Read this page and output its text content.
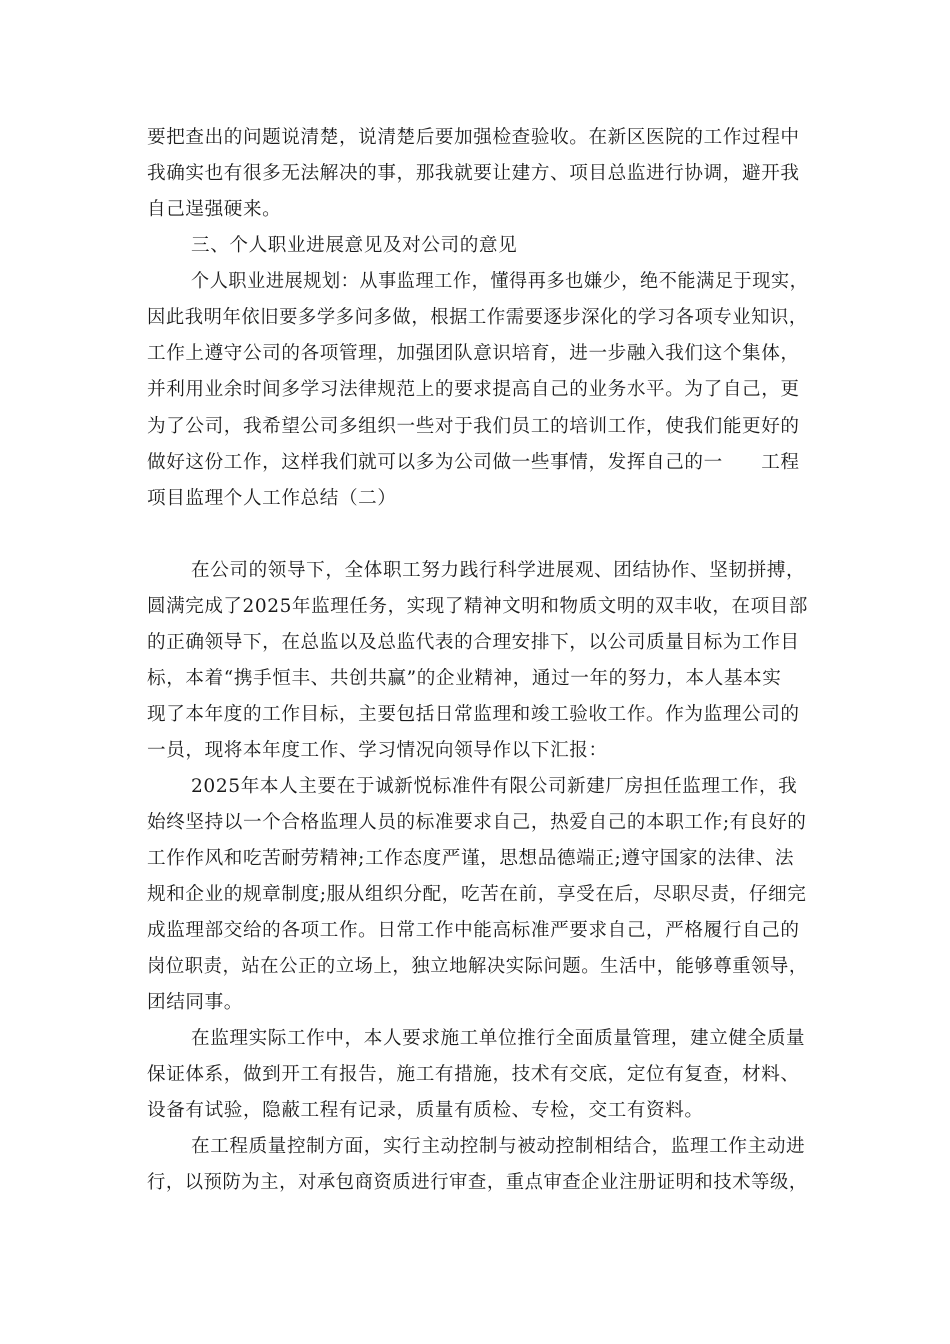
要把查出的问题说清楚，说清楚后要加强检查验收。在新区医院的工作过程中
我确实也有很多无法解决的事，那我就要让建方、项目总监进行协调，避开我
自己逞强硬来。
三、个人职业进展意见及对公司的意见
个人职业进展规划：从事监理工作，懂得再多也嫌少，绝不能满足于现实，
因此我明年依旧要多学多问多做，根据工作需要逐步深化的学习各项专业知识，
工作上遵守公司的各项管理，加强团队意识培育，进一步融入我们这个集体，
并利用业余时间多学习法律规范上的要求提高自己的业务水平。为了自己，更
为了公司，我希望公司多组织一些对于我们员工的培训工作，使我们能更好的
做好这份工作，这样我们就可以多为公司做一些事情，发挥自己的一　　工程
项目监理个人工作总结（二）
在公司的领导下，全体职工努力践行科学进展观、团结协作、坚韧拼搏，
圆满完成了2025年监理任务，实现了精神文明和物质文明的双丰收，在项目部
的正确领导下，在总监以及总监代表的合理安排下，以公司质量目标为工作目
标，本着“携手恒丰、共创共赢”的企业精神，通过一年的努力，本人基本实
现了本年度的工作目标，主要包括日常监理和竣工验收工作。作为监理公司的
一员，现将本年度工作、学习情况向领导作以下汇报：
2025年本人主要在于诚新悦标准件有限公司新建厂房担任监理工作，我
始终坚持以一个合格监理人员的标准要求自己，热爱自己的本职工作;有良好的
工作作风和吃苦耐劳精神;工作态度严谨，思想品德端正;遵守国家的法律、法
规和企业的规章制度;服从组织分配，吃苦在前，享受在后，尽职尽责，仔细完
成监理部交给的各项工作。日常工作中能高标准严要求自己，严格履行自己的
岗位职责，站在公正的立场上，独立地解决实际问题。生活中，能够尊重领导，
团结同事。
在监理实际工作中，本人要求施工单位推行全面质量管理，建立健全质量
保证体系，做到开工有报告，施工有措施，技术有交底，定位有复查，材料、
设备有试验，隐蔽工程有记录，质量有质检、专检，交工有资料。
在工程质量控制方面，实行主动控制与被动控制相结合，监理工作主动进
行，以预防为主，对承包商资质进行审查，重点审查企业注册证明和技术等级，
